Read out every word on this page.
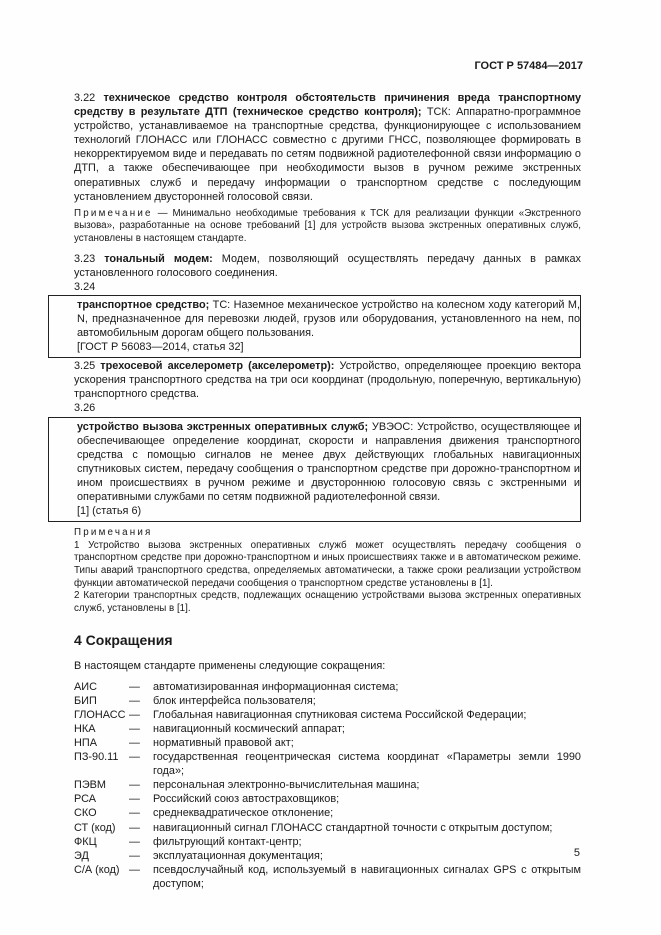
ГОСТ Р 57484—2017

3.22 техническое средство контроля обстоятельств причинения вреда транспортному средству в результате ДТП (техническое средство контроля); ТСК: Аппаратно-программное устройство, устанавливаемое на транспортные средства, функционирующее с использованием технологий ГЛОНАСС или ГЛОНАСС совместно с другими ГНСС, позволяющее формировать в некорректируемом виде и передавать по сетям подвижной радиотелефонной связи информацию о ДТП, а также обеспечивающее при необходимости вызов в ручном режиме экстренных оперативных служб и передачу информации о транспортном средстве с последующим установлением двусторонней голосовой связи.

Примечание — Минимально необходимые требования к ТСК для реализации функции «Экстренного вызова», разработанные на основе требований [1] для устройств вызова экстренных оперативных служб, установлены в настоящем стандарте.

3.23 тональный модем: Модем, позволяющий осуществлять передачу данных в рамках установленного голосового соединения.

3.24

транспортное средство; ТС: Наземное механическое устройство на колесном ходу категорий M, N, предназначенное для перевозки людей, грузов или оборудования, установленного на нем, по автомобильным дорогам общего пользования.

[ГОСТ Р 56083—2014, статья 32]

3.25 трехосевой акселерометр (акселерометр): Устройство, определяющее проекцию вектора ускорения транспортного средства на три оси координат (продольную, поперечную, вертикальную) транспортного средства.

3.26

устройство вызова экстренных оперативных служб; УВЭОС: Устройство, осуществляющее и обеспечивающее определение координат, скорости и направления движения транспортного средства с помощью сигналов не менее двух действующих глобальных навигационных спутниковых систем, передачу сообщения о транспортном средстве при дорожно-транспортном и ином происшествиях в ручном режиме и двустороннюю голосовую связь с экстренными и оперативными службами по сетям подвижной радиотелефонной связи.

[1] (статья 6)

Примечания

1 Устройство вызова экстренных оперативных служб может осуществлять передачу сообщения о транспортном средстве при дорожно-транспортном и иных происшествиях также и в автоматическом режиме. Типы аварий транспортного средства, определяемых автоматически, а также сроки реализации устройством функции автоматической передачи сообщения о транспортном средстве установлены в [1].

2 Категории транспортных средств, подлежащих оснащению устройствами вызова экстренных оперативных служб, установлены в [1].

4 Сокращения

В настоящем стандарте применены следующие сокращения:

АИС	—	автоматизированная информационная система;
БИП	—	блок интерфейса пользователя;
ГЛОНАСС	—	Глобальная навигационная спутниковая система Российской Федерации;
НКА	—	навигационный космический аппарат;
НПА	—	нормативный правовой акт;
ПЗ-90.11	—	государственная геоцентрическая система координат «Параметры земли 1990 года»;
ПЭВМ	—	персональная электронно-вычислительная машина;
РСА	—	Российский союз автостраховщиков;
СКО	—	среднеквадратическое отклонение;
СТ (код)	—	навигационный сигнал ГЛОНАСС стандартной точности с открытым доступом;
ФКЦ	—	фильтрующий контакт-центр;
ЭД	—	эксплуатационная документация;
С/А (код)	—	псевдослучайный код, используемый в навигационных сигналах GPS с открытым доступом;
5
